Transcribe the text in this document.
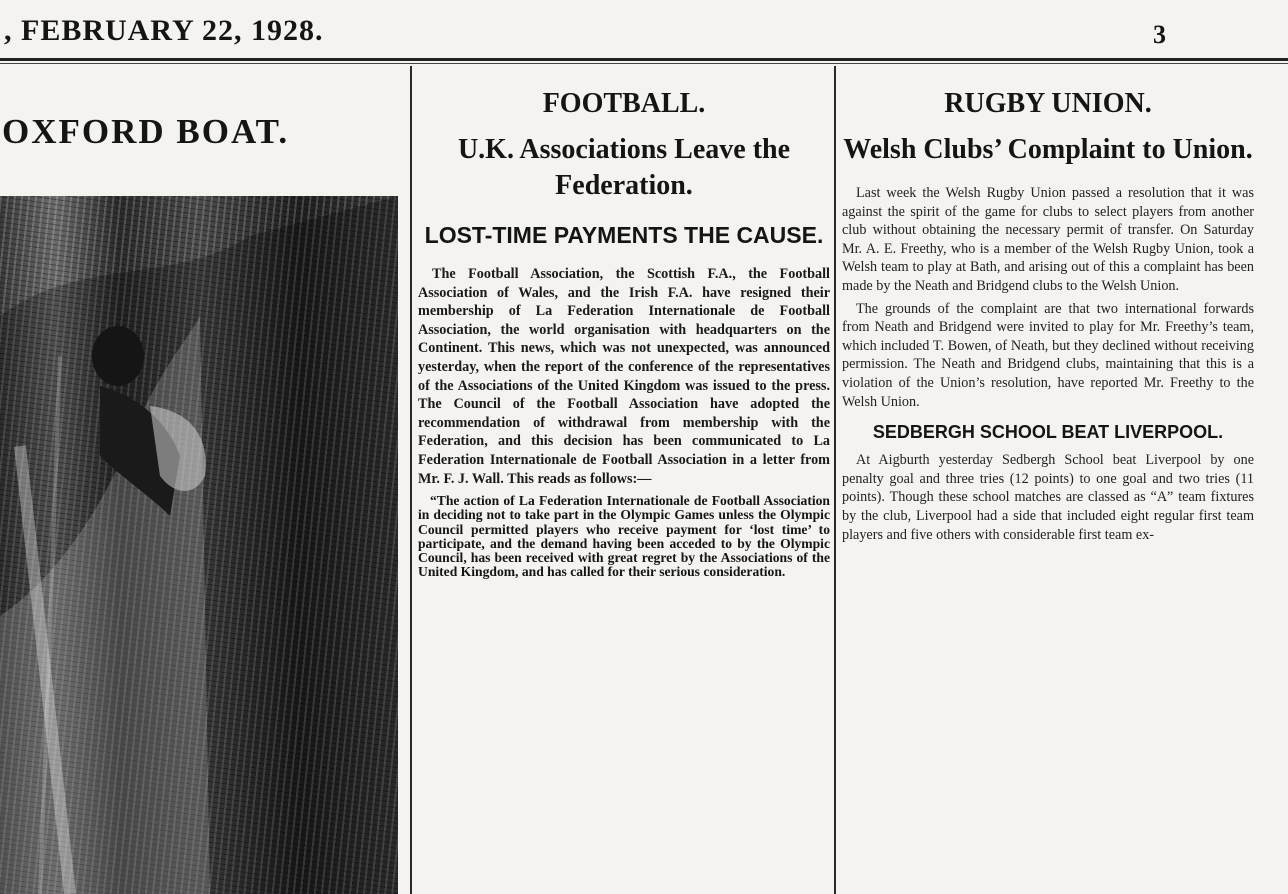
, FEBRUARY 22, 1928.	3
OXFORD BOAT.
FOOTBALL.
U.K. Associations Leave the Federation.
LOST-TIME PAYMENTS THE CAUSE.

The Football Association, the Scottish F.A., the Football Association of Wales, and the Irish F.A. have resigned their membership of La Federation Internationale de Football Association, the world organisation with headquarters on the Continent. This news, which was not unexpected, was announced yesterday, when the report of the conference of the representatives of the Associations of the United Kingdom was issued to the press. The Council of the Football Association have adopted the recommendation of withdrawal from membership with the Federation, and this decision has been communicated to La Federation Internationale de Football Association in a letter from Mr. F. J. Wall. This reads as follows:—

“The action of La Federation Internationale de Football Association in deciding not to take part in the Olympic Games unless the Olympic Council permitted players who receive payment for ‘lost time’ to participate, and the demand having been acceded to by the Olympic Council, has been received with great regret by the Associations of the United Kingdom, and has called for their serious consideration.
RUGBY UNION.
Welsh Clubs’ Complaint to Union.

Last week the Welsh Rugby Union passed a resolution that it was against the spirit of the game for clubs to select players from another club without obtaining the necessary permit of transfer. On Saturday Mr. A. E. Freethy, who is a member of the Welsh Rugby Union, took a Welsh team to play at Bath, and arising out of this a complaint has been made by the Neath and Bridgend clubs to the Welsh Union.

The grounds of the complaint are that two international forwards from Neath and Bridgend were invited to play for Mr. Freethy’s team, which included T. Bowen, of Neath, but they declined without receiving permission. The Neath and Bridgend clubs, maintaining that this is a violation of the Union’s resolution, have reported Mr. Freethy to the Welsh Union.

SEDBERGH SCHOOL BEAT LIVERPOOL.

At Aigburth yesterday Sedbergh School beat Liverpool by one penalty goal and three tries (12 points) to one goal and two tries (11 points). Though these school matches are classed as “A” team fixtures by the club, Liverpool had a side that included eight regular first team players and five others with considerable first team ex-
